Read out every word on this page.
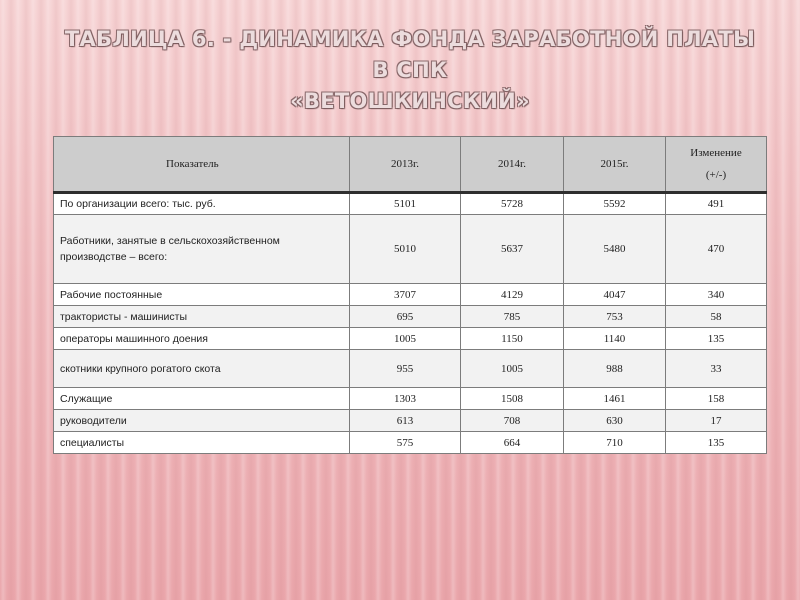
ТАБЛИЦА 6. - ДИНАМИКА ФОНДА ЗАРАБОТНОЙ ПЛАТЫ В СПК
«ВЕТОШКИНСКИЙ»
Показатель	2013г.	2014г.	2015г.	Изменение
(+/-)

По организации всего: тыс. руб.	5101	5728	5592	491
Работники, занятые в сельскохозяйственном производстве – всего:	5010	5637	5480	470
Рабочие постоянные	3707	4129	4047	340
трактористы - машинисты	695	785	753	58
операторы машинного доения	1005	1150	1140	135
скотники крупного рогатого скота	955	1005	988	33
Служащие	1303	1508	1461	158
руководители	613	708	630	17
специалисты	575	664	710	135
